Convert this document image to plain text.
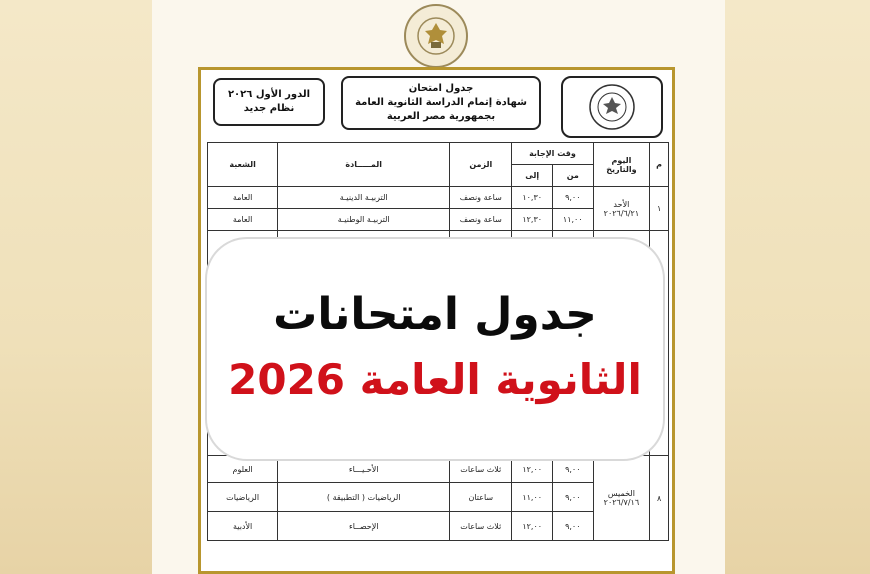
الدور الأول ٢٠٢٦
نظام جديد
جدول امتحان
شهادة إتمام الدراسة الثانوية العامة
بجمهورية مصر العربية
م	اليوم والتاريخ	وقت الإجابة		الزمن	المـــــادة	الشعبة
		من	إلى			
١	الأحد ٢٠٢٦/٦/٢١	٩,٠٠	١٠,٣٠	ساعة ونصف	التربيـة الدينيـة	العامة
		١١,٠٠	١٢,٣٠	ساعة ونصف	التربيـة الوطنيـة	العامة

٨	الخميس ٢٠٢٦/٧/١٦	٩,٠٠	١٢,٠٠	ثلاث ساعات	الأحـيـــاء	العلوم
		٩,٠٠	١١,٠٠	ساعتان	الرياضيات ( التطبيقة )	الرياضيات
		٩,٠٠	١٢,٠٠	ثلاث ساعات	الإحصــاء	الأدبية
جدول امتحانات
الثانوية العامة 2026
